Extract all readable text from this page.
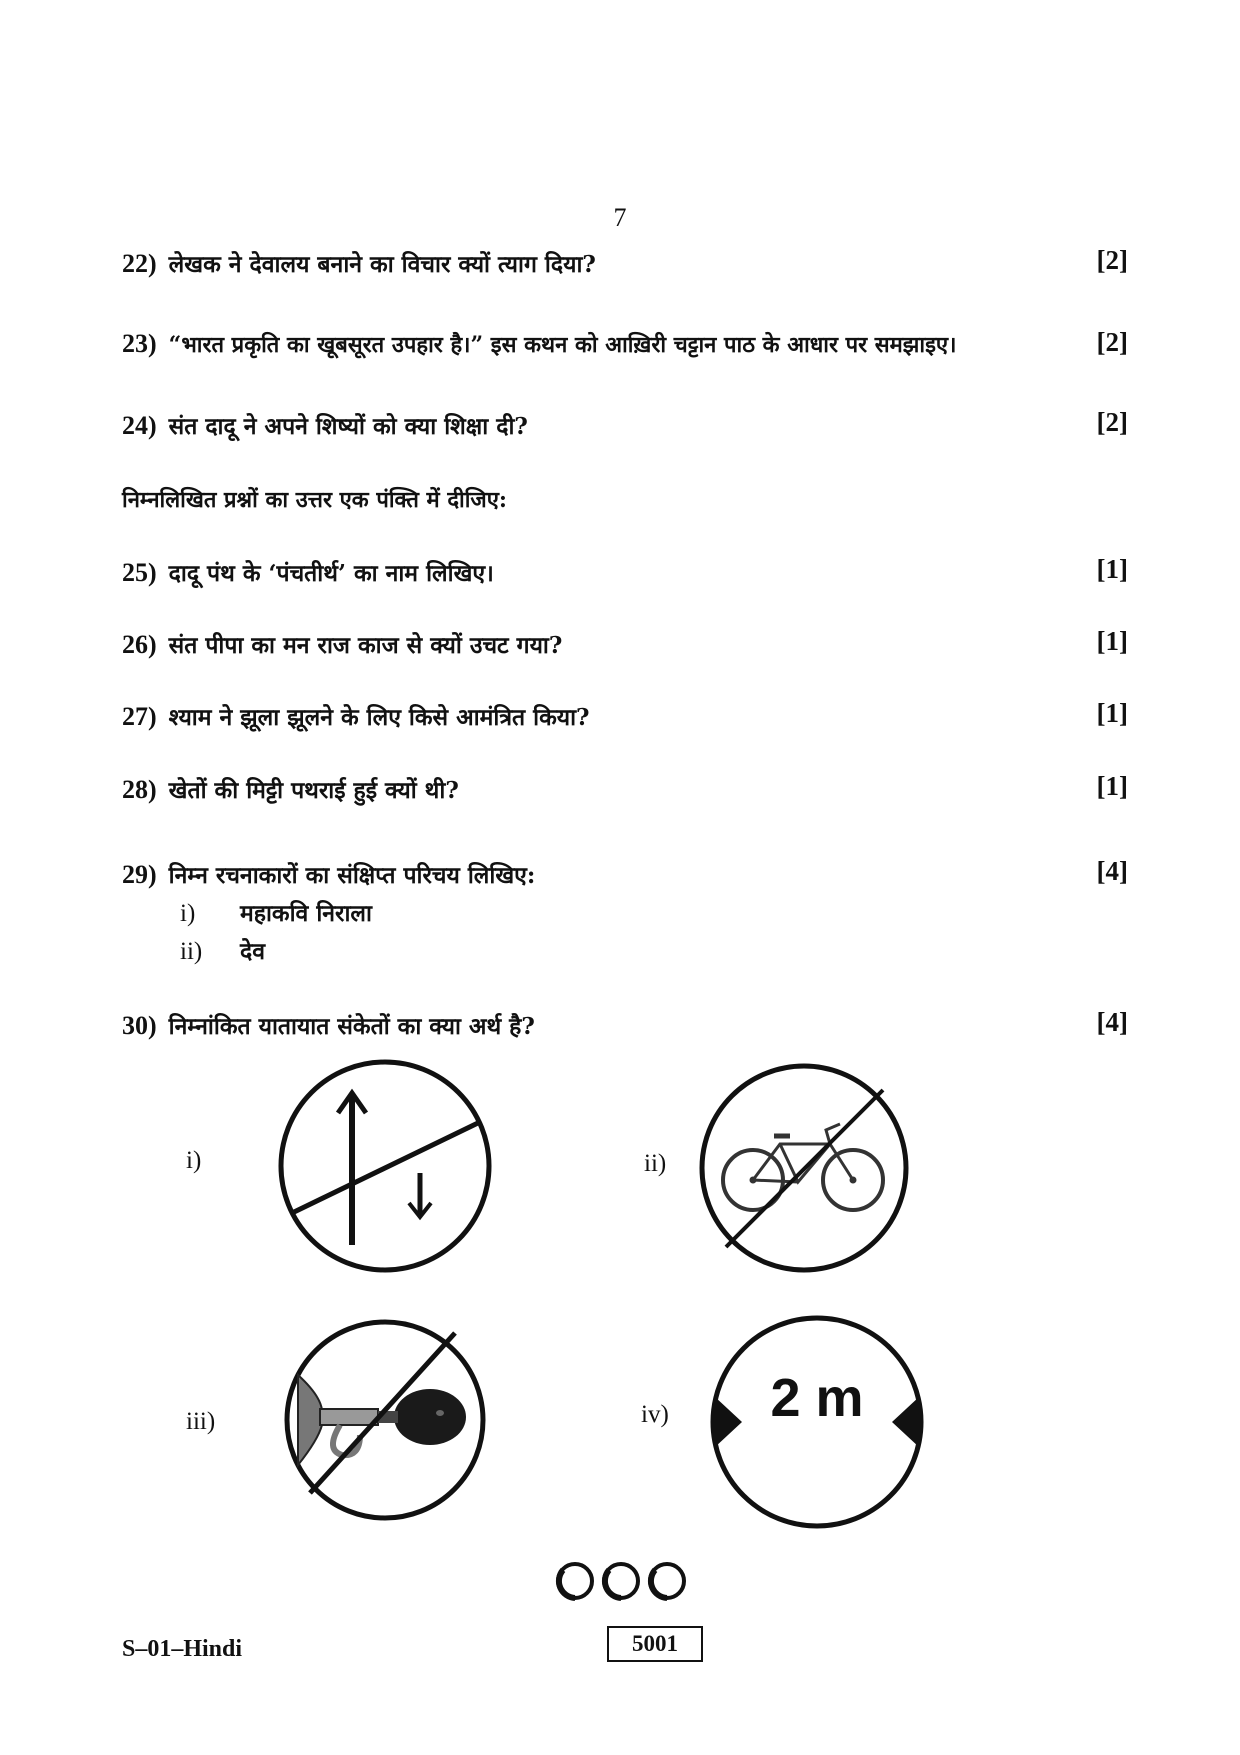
7
22) लेखक ने देवालय बनाने का विचार क्यों त्याग दिया?	[2]
23) “भारत प्रकृति का खूबसूरत उपहार है।” इस कथन को आख़िरी चट्टान पाठ के आधार पर समझाइए।	[2]
24) संत दादू ने अपने शिष्यों को क्या शिक्षा दी?	[2]
निम्नलिखित प्रश्नों का उत्तर एक पंक्ति में दीजिए:
25) दादू पंथ के ‘पंचतीर्थ’ का नाम लिखिए।	[1]
26) संत पीपा का मन राज काज से क्यों उचट गया?	[1]
27) श्याम ने झूला झूलने के लिए किसे आमंत्रित किया?	[1]
28) खेतों की मिट्टी पथराई हुई क्यों थी?	[1]
29) निम्न रचनाकारों का संक्षिप्त परिचय लिखिए:	[4]
i) महाकवि निराला
ii) देव
30) निम्नांकित यातायात संकेतों का क्या अर्थ है?	[4]
i)	ii)
iii)	iv) 2 m
S–01–Hindi	5001
